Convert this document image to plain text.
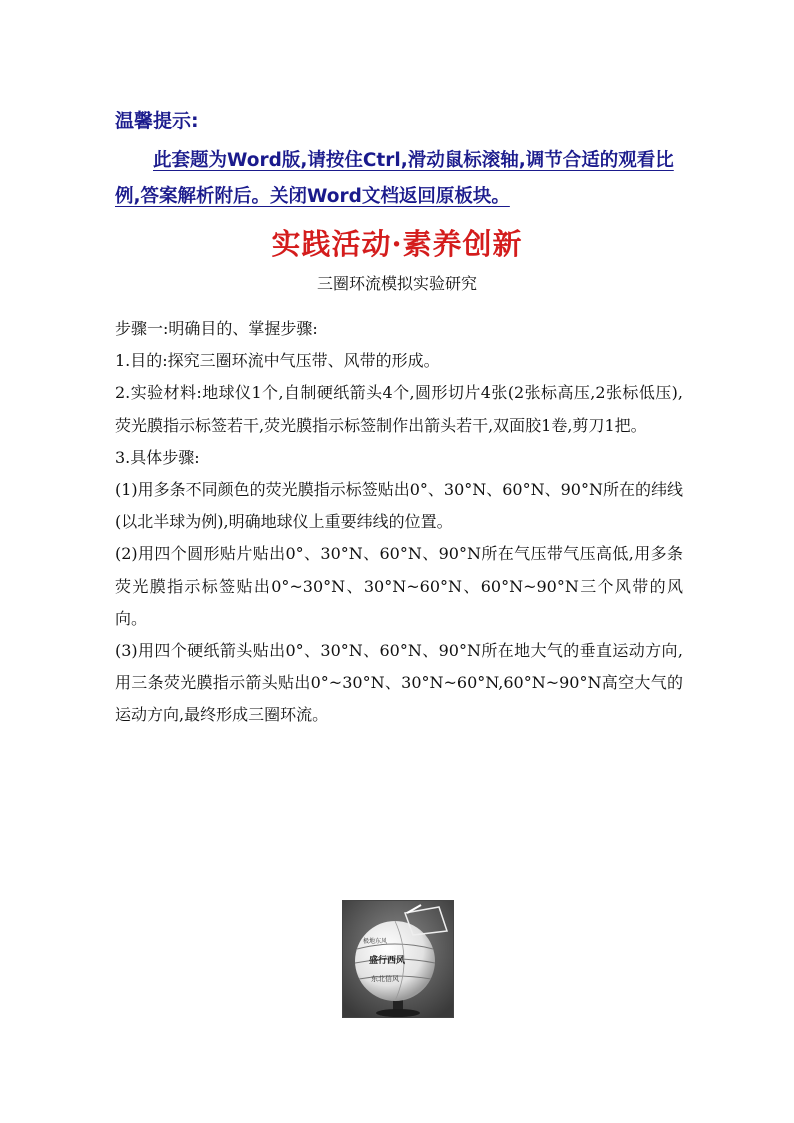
温馨提示:
此套题为Word版,请按住Ctrl,滑动鼠标滚轴,调节合适的观看比例,答案解析附后。关闭Word文档返回原板块。
实践活动·素养创新
三圈环流模拟实验研究

步骤一:明确目的、掌握步骤:

1.目的:探究三圈环流中气压带、风带的形成。

2.实验材料:地球仪1个,自制硬纸箭头4个,圆形切片4张(2张标高压,2张标低压),荧光膜指示标签若干,荧光膜指示标签制作出箭头若干,双面胶1卷,剪刀1把。

3.具体步骤:

(1)用多条不同颜色的荧光膜指示标签贴出0°、30°N、60°N、90°N所在的纬线(以北半球为例),明确地球仪上重要纬线的位置。

(2)用四个圆形贴片贴出0°、30°N、60°N、90°N所在气压带气压高低,用多条荧光膜指示标签贴出0°~30°N、30°N~60°N、60°N~90°N三个风带的风向。

(3)用四个硬纸箭头贴出0°、30°N、60°N、90°N所在地大气的垂直运动方向,用三条荧光膜指示箭头贴出0°~30°N、30°N~60°N,60°N~90°N高空大气的运动方向,最终形成三圈环流。

极地东风
盛行西风
东北信风
